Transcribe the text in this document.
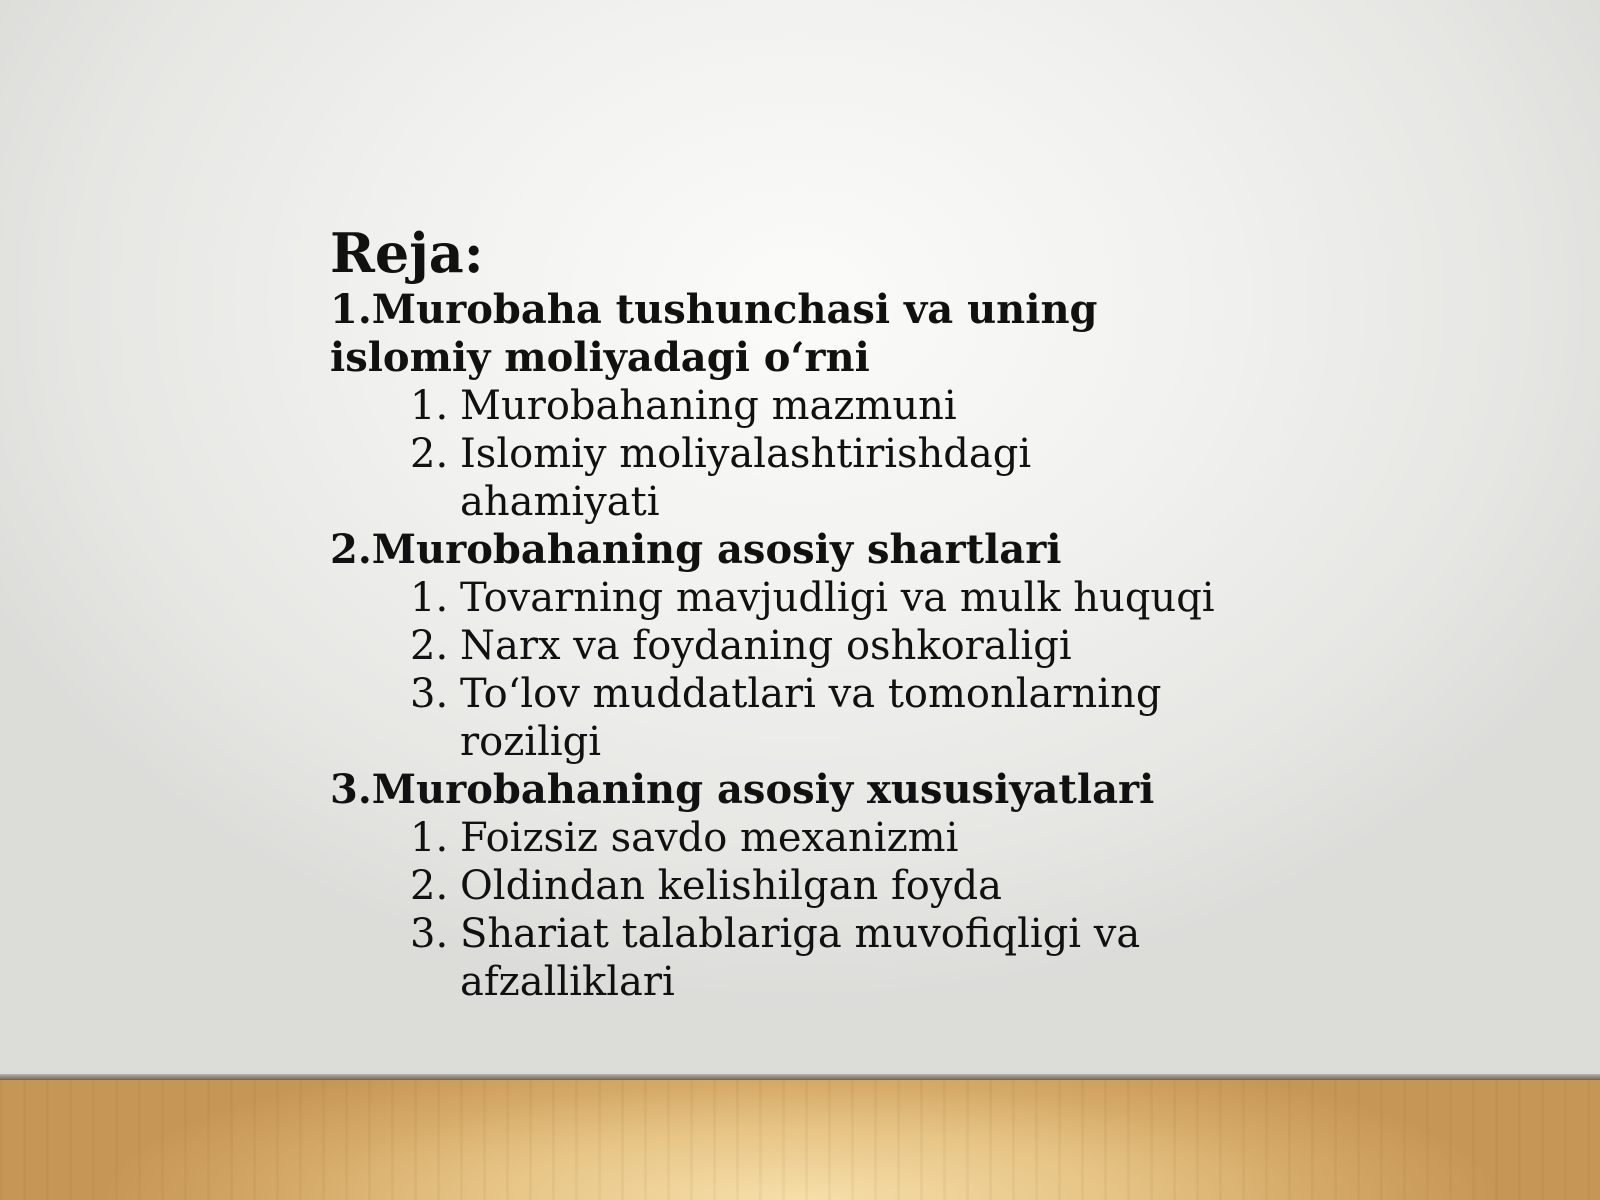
Reja:
1.Murobaha tushunchasi va uning islomiy moliyadagi o‘rni
1. Murobahaning mazmuni
2. Islomiy moliyalashtirishdagi ahamiyati
2.Murobahaning asosiy shartlari
1. Tovarning mavjudligi va mulk huquqi
2. Narx va foydaning oshkoraligi
3. To‘lov muddatlari va tomonlarning roziligi
3.Murobahaning asosiy xususiyatlari
1. Foizsiz savdo mexanizmi
2. Oldindan kelishilgan foyda
3. Shariat talablariga muvofiqligi va afzalliklari
